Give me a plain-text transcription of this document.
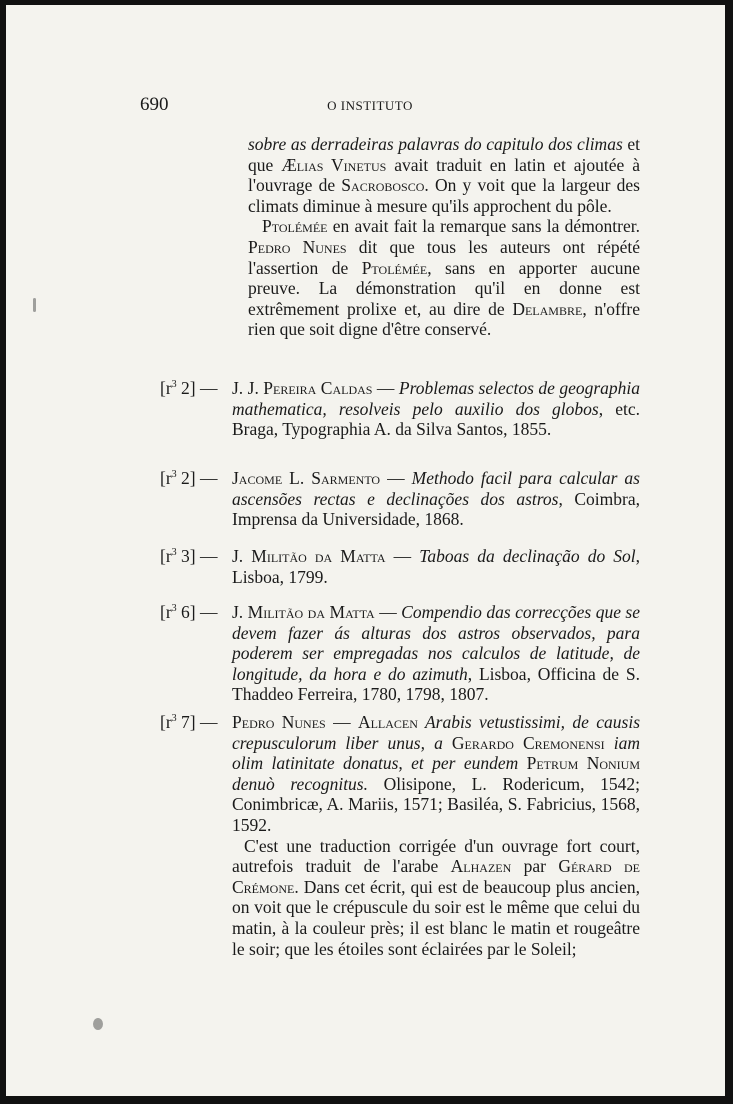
690	O INSTITUTO

sobre as derradeiras palavras do capitulo dos climas et que Ælias Vinetus avait traduit en latin et ajoutée à l'ouvrage de Sacrobosco. On y voit que la largeur des climats diminue à mesure qu'ils approchent du pôle.

Ptolémée en avait fait la remarque sans la démontrer. Pedro Nunes dit que tous les auteurs ont répété l'assertion de Ptolémée, sans en apporter aucune preuve. La démonstration qu'il en donne est extrêmement prolixe et, au dire de Delambre, n'offre rien que soit digne d'être conservé.

[$r^3$ 2] — J. J. Pereira Caldas — Problemas selectos de geographia mathematica, resolveis pelo auxilio dos globos, etc. Braga, Typographia A. da Silva Santos, 1855.
[$r^3$ 2] — Jacome L. Sarmento — Methodo facil para calcular as ascensões rectas e declinações dos astros, Coimbra, Imprensa da Universidade, 1868.
[$r^3$ 3] — J. Militão da Matta — Taboas da declinação do Sol, Lisboa, 1799.
[$r^3$ 6] — J. Militão da Matta — Compendio das correcções que se devem fazer ás alturas dos astros observados, para poderem ser empregadas nos calculos de latitude, de longitude, da hora e do azimuth, Lisboa, Officina de S. Thaddeo Ferreira, 1780, 1798, 1807.
[$r^3$ 7] — Pedro Nunes — Allacen Arabis vetustissimi, de causis crepusculorum liber unus, a Gerardo Cremonensi iam olim latinitate donatus, et per eundem Petrum Nonium denuò recognitus. Olisipone, L. Rodericum, 1542; Conimbricæ, A. Mariis, 1571; Basiléa, S. Fabricius, 1568, 1592.

C'est une traduction corrigée d'un ouvrage fort court, autrefois traduit de l'arabe Alhazen par Gérard de Crémone. Dans cet écrit, qui est de beaucoup plus ancien, on voit que le crépuscule du soir est le même que celui du matin, à la couleur près; il est blanc le matin et rougeâtre le soir; que les étoiles sont éclairées par le Soleil;
